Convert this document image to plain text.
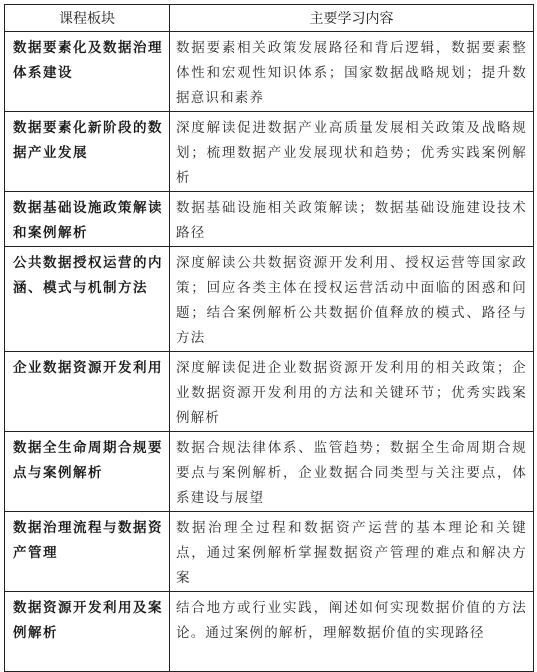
课程板块	主要学习内容
数据要素化及数据治理体系建设	数据要素相关政策发展路径和背后逻辑，数据要素整体性和宏观性知识体系；国家数据战略规划；提升数据意识和素养
数据要素化新阶段的数据产业发展	深度解读促进数据产业高质量发展相关政策及战略规划；梳理数据产业发展现状和趋势；优秀实践案例解析
数据基础设施政策解读和案例解析	数据基础设施相关政策解读；数据基础设施建设技术路径
公共数据授权运营的内涵、模式与机制方法	深度解读公共数据资源开发利用、授权运营等国家政策；回应各类主体在授权运营活动中面临的困惑和问题；结合案例解析公共数据价值释放的模式、路径与方法
企业数据资源开发利用	深度解读促进企业数据资源开发利用的相关政策；企业数据资源开发利用的方法和关键环节；优秀实践案例解析
数据全生命周期合规要点与案例解析	数据合规法律体系、监管趋势；数据全生命周期合规要点与案例解析，企业数据合同类型与关注要点，体系建设与展望
数据治理流程与数据资产管理	数据治理全过程和数据资产运营的基本理论和关键点，通过案例解析掌握数据资产管理的难点和解决方案
数据资源开发利用及案例解析	结合地方或行业实践，阐述如何实现数据价值的方法论。通过案例的解析，理解数据价值的实现路径
